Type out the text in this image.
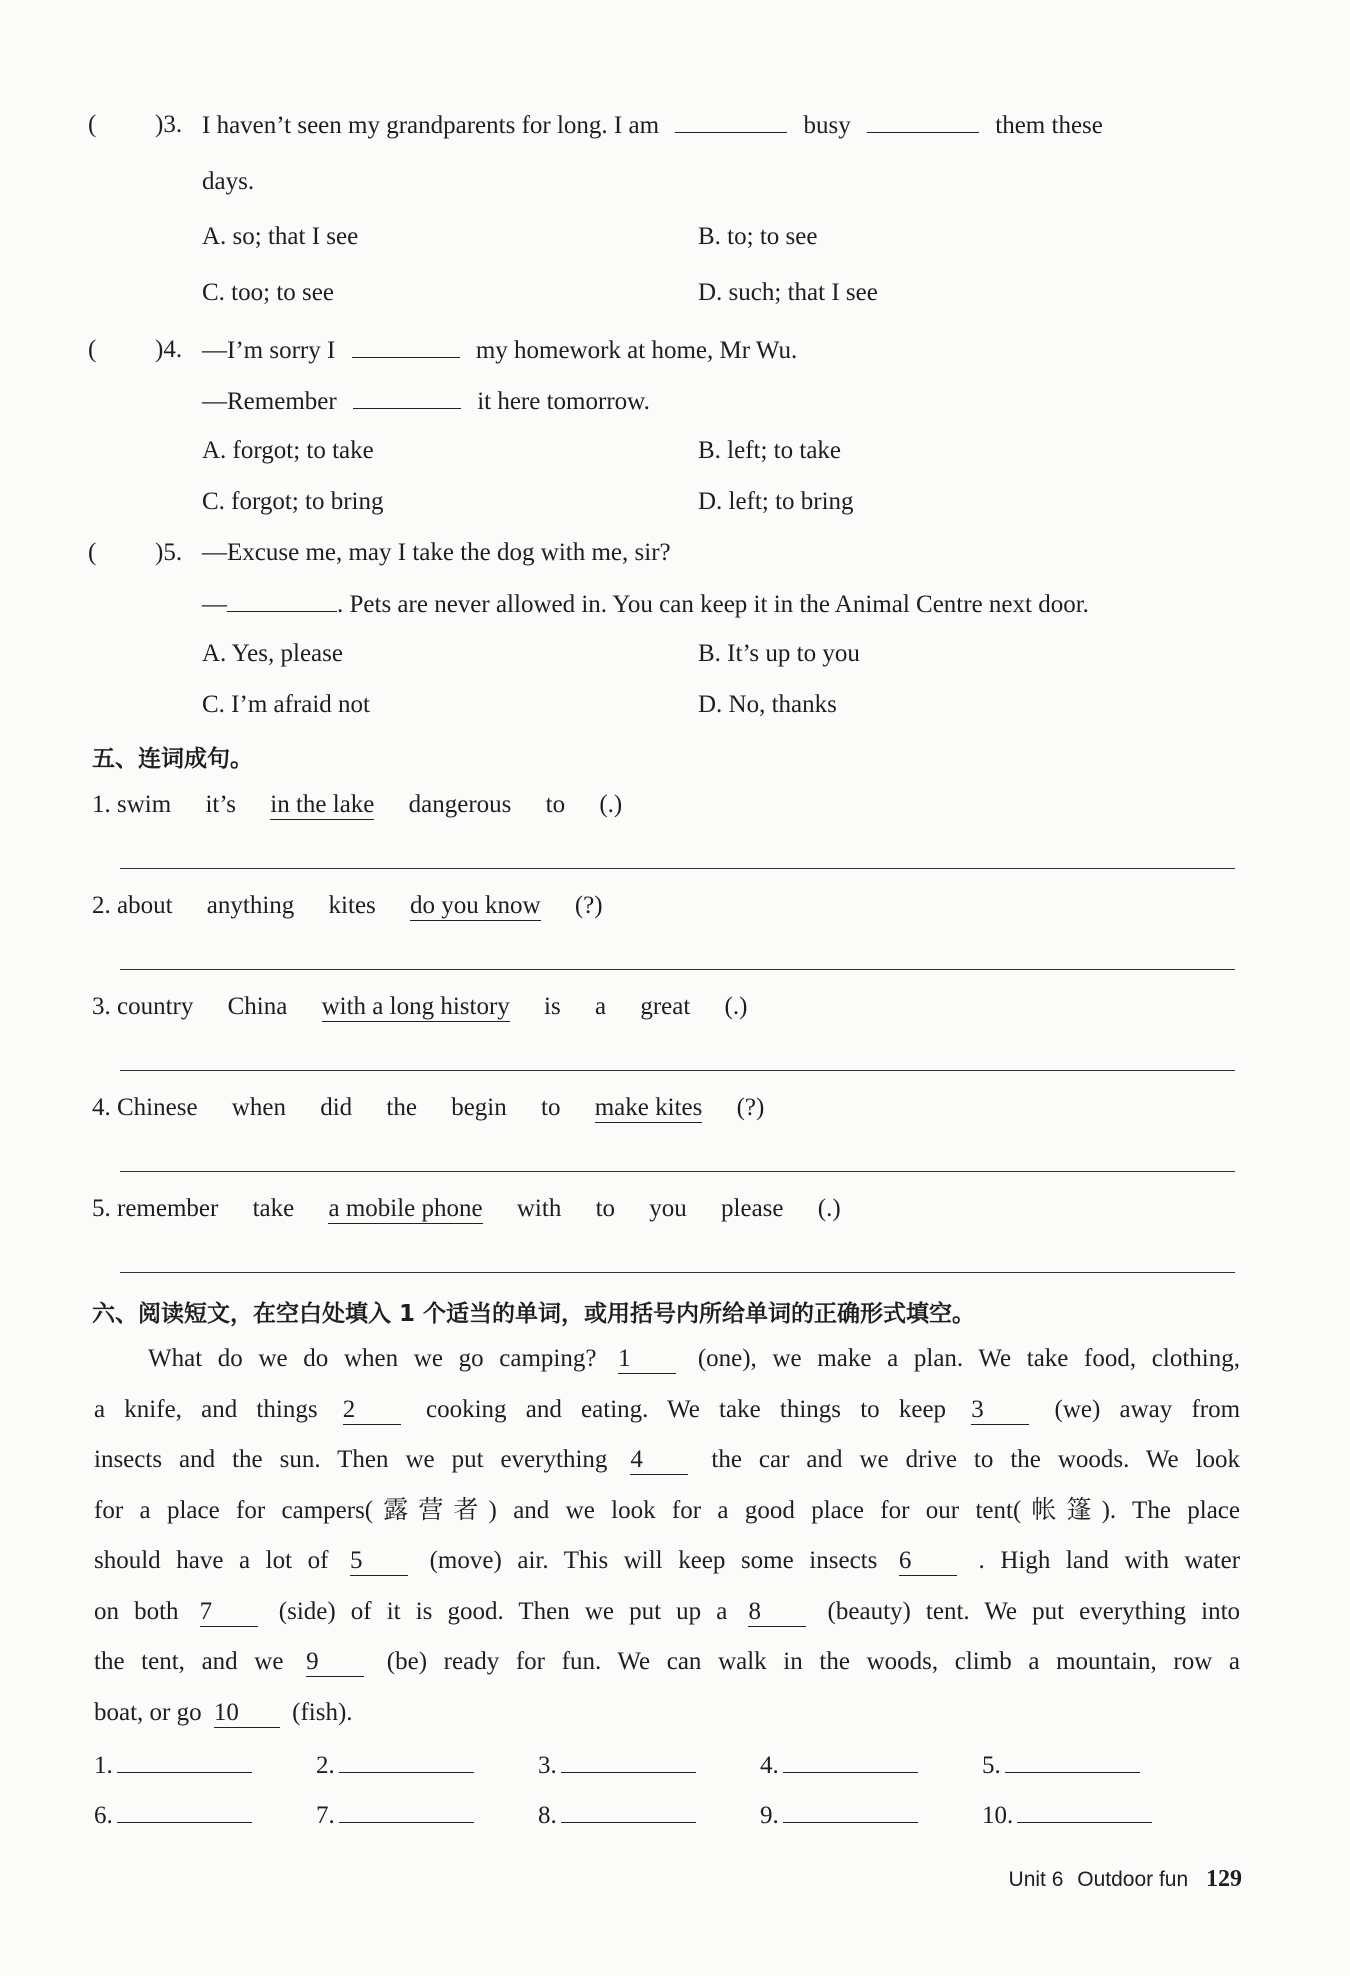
( )3. I haven’t seen my grandparents for long. I am	busy	them these
days.
A. so; that I see	B. to; to see
C. too; to see	D. such; that I see
( )4. —I’m sorry I	my homework at home, Mr Wu.
—Remember	it here tomorrow.
A. forgot; to take	B. left; to take
C. forgot; to bring	D. left; to bring
( )5. —Excuse me, may I take the dog with me, sir?
—	. Pets are never allowed in. You can keep it in the Animal Centre next door.
A. Yes, please	B. It’s up to you
C. I’m afraid not	D. No, thanks
五、连词成句。
1. swim it’s in the lake dangerous to (.)
2. about anything kites do you know (?)
3. country China with a long history is a great (.)
4. Chinese when did the begin to make kites (?)
5. remember take a mobile phone with to you please (.)
六、阅读短文，在空白处填入 1 个适当的单词，或用括号内所给单词的正确形式填空。
What do we do when we go camping? 1	(one), we make a plan. We take food, clothing,
a knife, and things 2	cooking and eating. We take things to keep 3	(we) away from
insects and the sun. Then we put everything 4	the car and we drive to the woods. We look
for a place for campers(露营者) and we look for a good place for our tent(帐篷). The place
should have a lot of 5	(move) air. This will keep some insects 6	. High land with water
on both 7	(side) of it is good. Then we put up a 8	(beauty) tent. We put everything into
the tent, and we 9	(be) ready for fun. We can walk in the woods, climb a mountain, row a
boat, or go 10 (fish).
1.	2.	3.	4.	5.
6.	7.	8.	9.	10.
Unit 6 Outdoor fun 129
